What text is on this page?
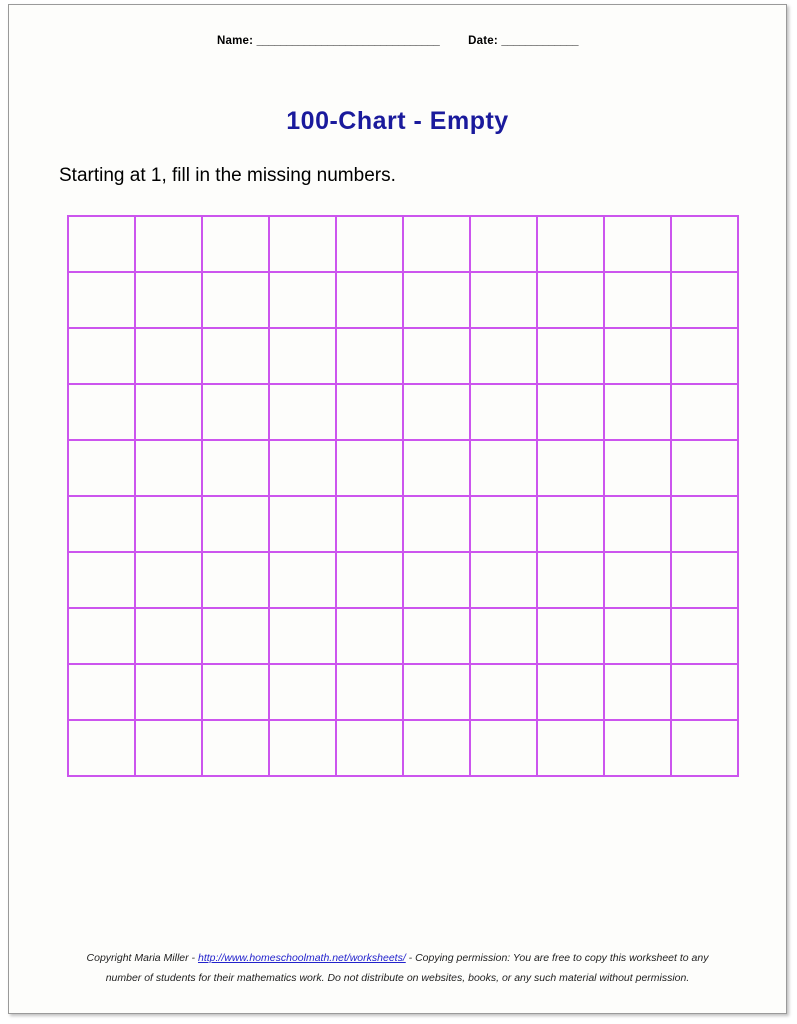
Name: _______________________________	Date: _____________
100-Chart - Empty
Starting at 1, fill in the missing numbers.

Copyright Maria Miller - http://www.homeschoolmath.net/worksheets/ - Copying permission: You are free to copy this worksheet to any
number of students for their mathematics work. Do not distribute on websites, books, or any such material without permission.
